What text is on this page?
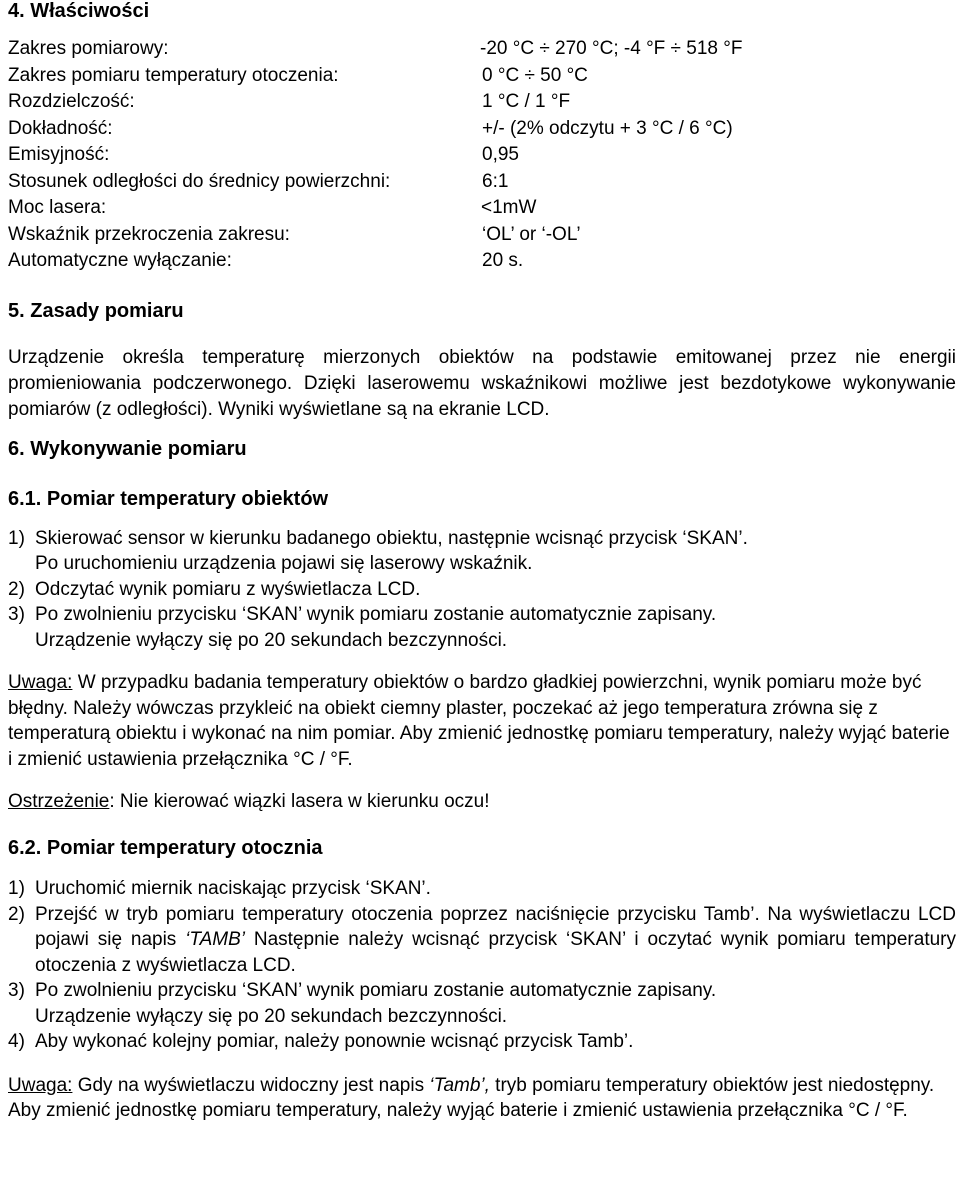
4. Właściwości
Zakres pomiarowy:	-20 °C ÷ 270 °C; -4 °F ÷ 518 °F
Zakres pomiaru temperatury otoczenia:	0 °C ÷ 50 °C
Rozdzielczość:	1 °C / 1 °F
Dokładność:	+/- (2% odczytu + 3 °C / 6 °C)
Emisyjność:	0,95
Stosunek odległości do średnicy powierzchni:	6:1
Moc lasera:	<1mW
Wskaźnik przekroczenia zakresu:	‘OL’ or ‘-OL’
Automatyczne wyłączanie:	20 s.
5. Zasady pomiaru

Urządzenie określa temperaturę mierzonych obiektów na podstawie emitowanej przez nie energii promieniowania podczerwonego. Dzięki laserowemu wskaźnikowi możliwe jest bezdotykowe wykonywanie pomiarów (z odległości). Wyniki wyświetlane są na ekranie LCD.

6. Wykonywanie pomiaru
6.1. Pomiar temperatury obiektów
1) Skierować sensor w kierunku badanego obiektu, następnie wcisnąć przycisk ‘SKAN’.
Po uruchomieniu urządzenia pojawi się laserowy wskaźnik.
2) Odczytać wynik pomiaru z wyświetlacza LCD.
3) Po zwolnieniu przycisku ‘SKAN’ wynik pomiaru zostanie automatycznie zapisany.
Urządzenie wyłączy się po 20 sekundach bezczynności.

Uwaga: W przypadku badania temperatury obiektów o bardzo gładkiej powierzchni, wynik pomiaru może być błędny. Należy wówczas przykleić na obiekt ciemny plaster, poczekać aż jego temperatura zrówna się z temperaturą obiektu i wykonać na nim pomiar. Aby zmienić jednostkę pomiaru temperatury, należy wyjąć baterie i zmienić ustawienia przełącznika °C / °F.

Ostrzeżenie: Nie kierować wiązki lasera w kierunku oczu!

6.2. Pomiar temperatury otocznia
1) Uruchomić miernik naciskając przycisk ‘SKAN’.
2) Przejść w tryb pomiaru temperatury otoczenia poprzez naciśnięcie przycisku Tamb’. Na wyświetlaczu LCD pojawi się napis ‘TAMB’ Następnie należy wcisnąć przycisk ‘SKAN’ i oczytać wynik pomiaru temperatury otoczenia z wyświetlacza LCD.
3) Po zwolnieniu przycisku ‘SKAN’ wynik pomiaru zostanie automatycznie zapisany.
Urządzenie wyłączy się po 20 sekundach bezczynności.
4) Aby wykonać kolejny pomiar, należy ponownie wcisnąć przycisk Tamb’.

Uwaga: Gdy na wyświetlaczu widoczny jest napis ‘Tamb’, tryb pomiaru temperatury obiektów jest niedostępny.

Aby zmienić jednostkę pomiaru temperatury, należy wyjąć baterie i zmienić ustawienia przełącznika °C / °F.
